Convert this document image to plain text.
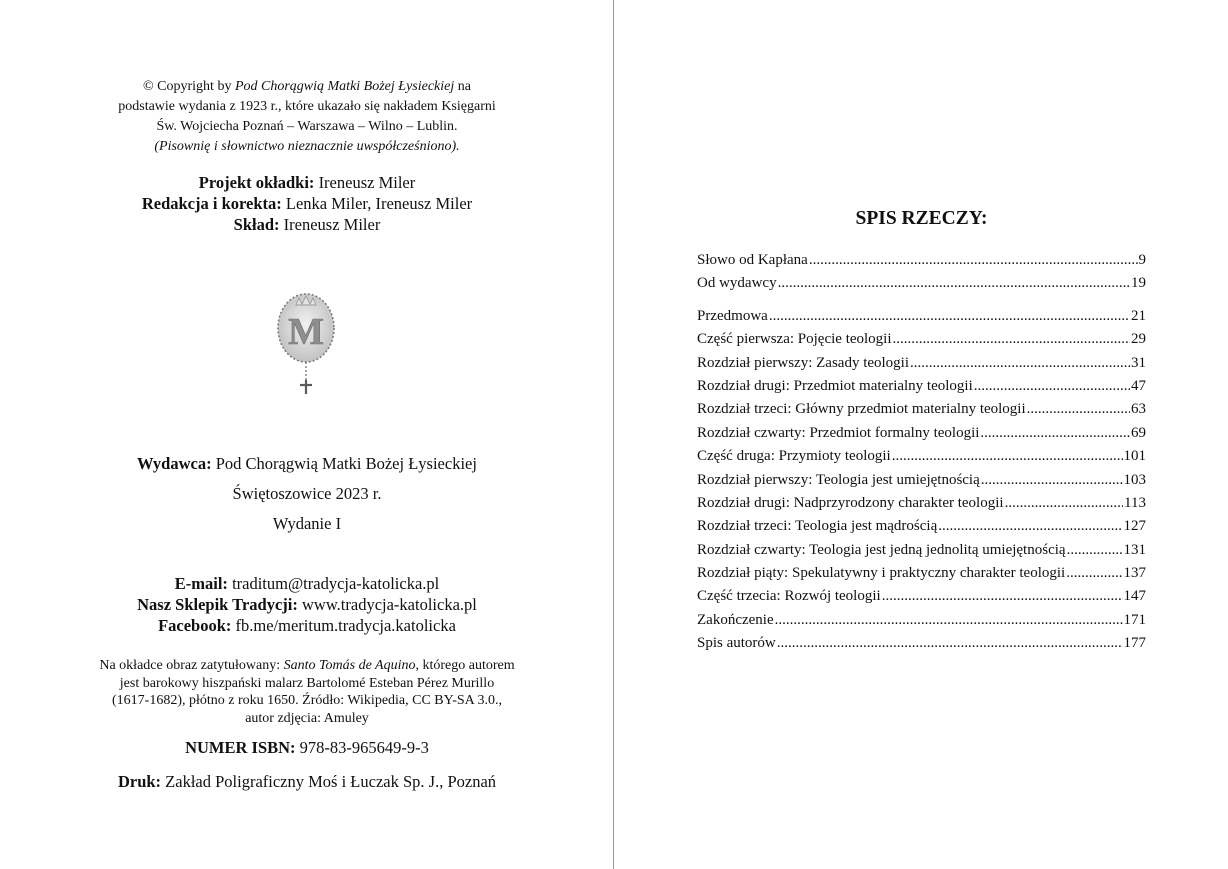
© Copyright by Pod Chorągwią Matki Bożej Łysieckiej na
podstawie wydania z 1923 r., które ukazało się nakładem Księgarni
Św. Wojciecha Poznań – Warszawa – Wilno – Lublin.
(Pisownię i słownictwo nieznacznie uwspółcześniono).
Projekt okładki: Ireneusz Miler
Redakcja i korekta: Lenka Miler, Ireneusz Miler
Skład: Ireneusz Miler
M
Wydawca: Pod Chorągwią Matki Bożej Łysieckiej
Świętoszowice 2023 r.
Wydanie I
E-mail: traditum@tradycja-katolicka.pl
Nasz Sklepik Tradycji: www.tradycja-katolicka.pl
Facebook: fb.me/meritum.tradycja.katolicka
Na okładce obraz zatytułowany: Santo Tomás de Aquino, którego autorem
jest barokowy hiszpański malarz Bartolomé Esteban Pérez Murillo
(1617-1682), płótno z roku 1650. Źródło: Wikipedia, CC BY-SA 3.0.,
autor zdjęcia: Amuley
NUMER ISBN: 978-83-965649-9-3
Druk: Zakład Poligraficzny Moś i Łuczak Sp. J., Poznań
SPIS RZECZY:
Słowo od Kapłana .....	9
Od wydawcy .....	19
Przedmowa .....	21
Część pierwsza: Pojęcie teologii .....	29
Rozdział pierwszy: Zasady teologii .....	31
Rozdział drugi: Przedmiot materialny teologii .....	47
Rozdział trzeci: Główny przedmiot materialny teologii .....	63
Rozdział czwarty: Przedmiot formalny teologii .....	69
Część druga: Przymioty teologii .....	101
Rozdział pierwszy: Teologia jest umiejętnością .....	103
Rozdział drugi: Nadprzyrodzony charakter teologii .....	113
Rozdział trzeci: Teologia jest mądrością .....	127
Rozdział czwarty: Teologia jest jedną jednolitą umiejętnością .....	131
Rozdział piąty: Spekulatywny i praktyczny charakter teologii .....	137
Część trzecia: Rozwój teologii .....	147
Zakończenie .....	171
Spis autorów .....	177
